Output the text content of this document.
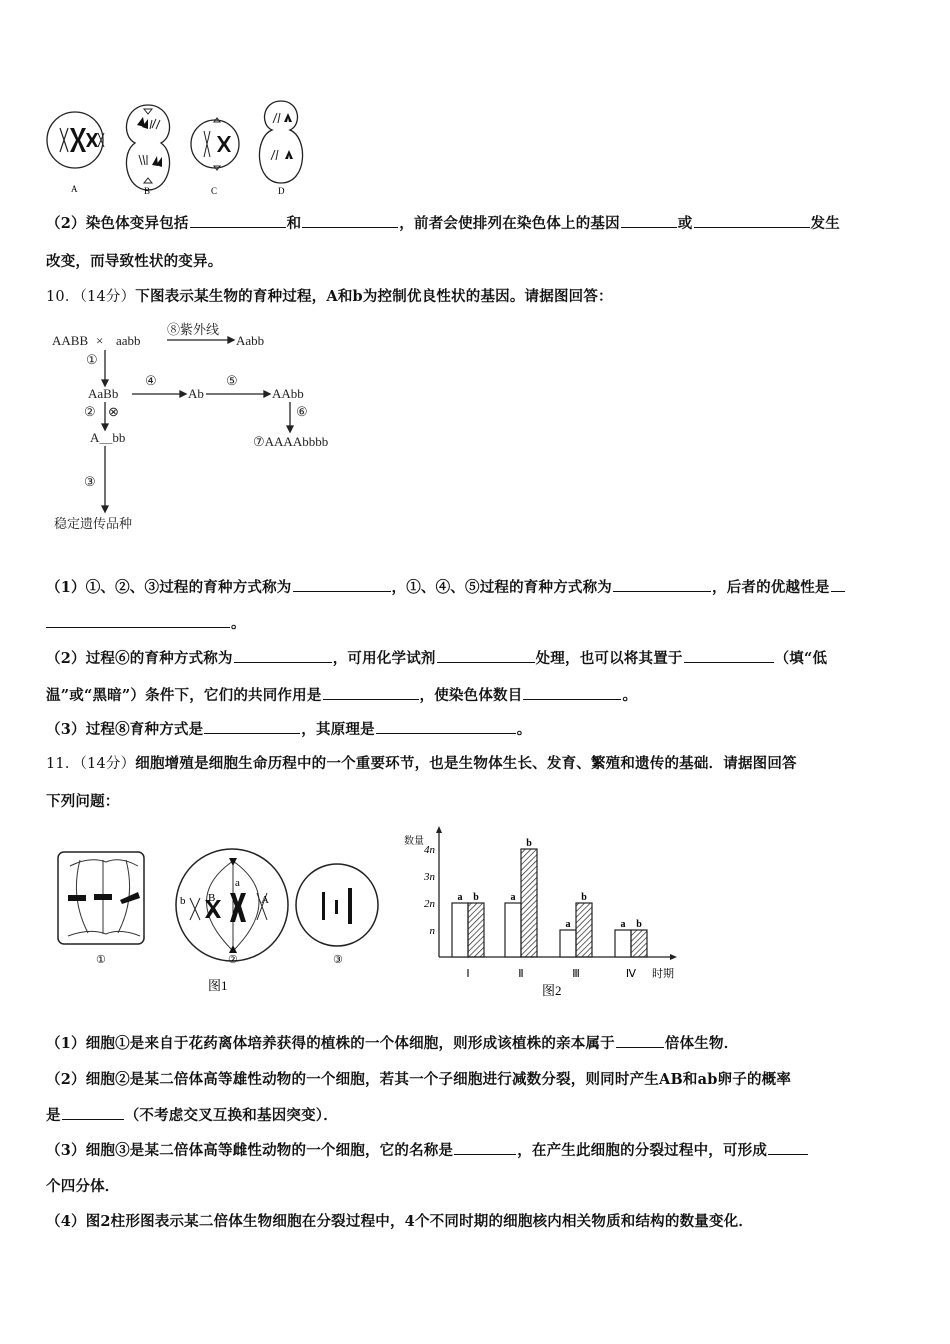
A	B	C	D
（2）染色体变异包括	和	，前者会使排列在染色体上的基因	或	发生
改变，而导致性状的变异。
10．（14分）下图表示某生物的育种过程，A和b为控制优良性状的基因。请据图回答：
AABB × aabb
⑧紫外线
Aabb
①
AaBb
④
Ab
⑤
AAbb
⑥
⑦AAAAbbbb
② ⊗
A＿bb
③
稳定遗传品种
（1）①、②、③过程的育种方式称为	，①、④、⑤过程的育种方式称为	，后者的优越性是
。
（2）过程⑥的育种方式称为	，可用化学试剂	处理，也可以将其置于	（填“低
温”或“黑暗”）条件下，它们的共同作用是	，使染色体数目	。
（3）过程⑧育种方式是	，其原理是	。
11．（14分）细胞增殖是细胞生命历程中的一个重要环节，也是生物体生长、发育、繁殖和遗传的基础．请据图回答
下列问题：
b B
a
A
①	②	③
图1
数量
n
2n
3n
4n
a b	a
b
a
b
a b
Ⅰ	Ⅱ	Ⅲ	Ⅳ 时期
图2
（1）细胞①是来自于花药离体培养获得的植株的一个体细胞，则形成该植株的亲本属于	倍体生物．
（2）细胞②是某二倍体高等雄性动物的一个细胞，若其一个子细胞进行减数分裂，则同时产生AB和ab卵子的概率
是	（不考虑交叉互换和基因突变）．
（3）细胞③是某二倍体高等雌性动物的一个细胞，它的名称是	，在产生此细胞的分裂过程中，可形成
个四分体．
（4）图2柱形图表示某二倍体生物细胞在分裂过程中，4个不同时期的细胞核内相关物质和结构的数量变化．
